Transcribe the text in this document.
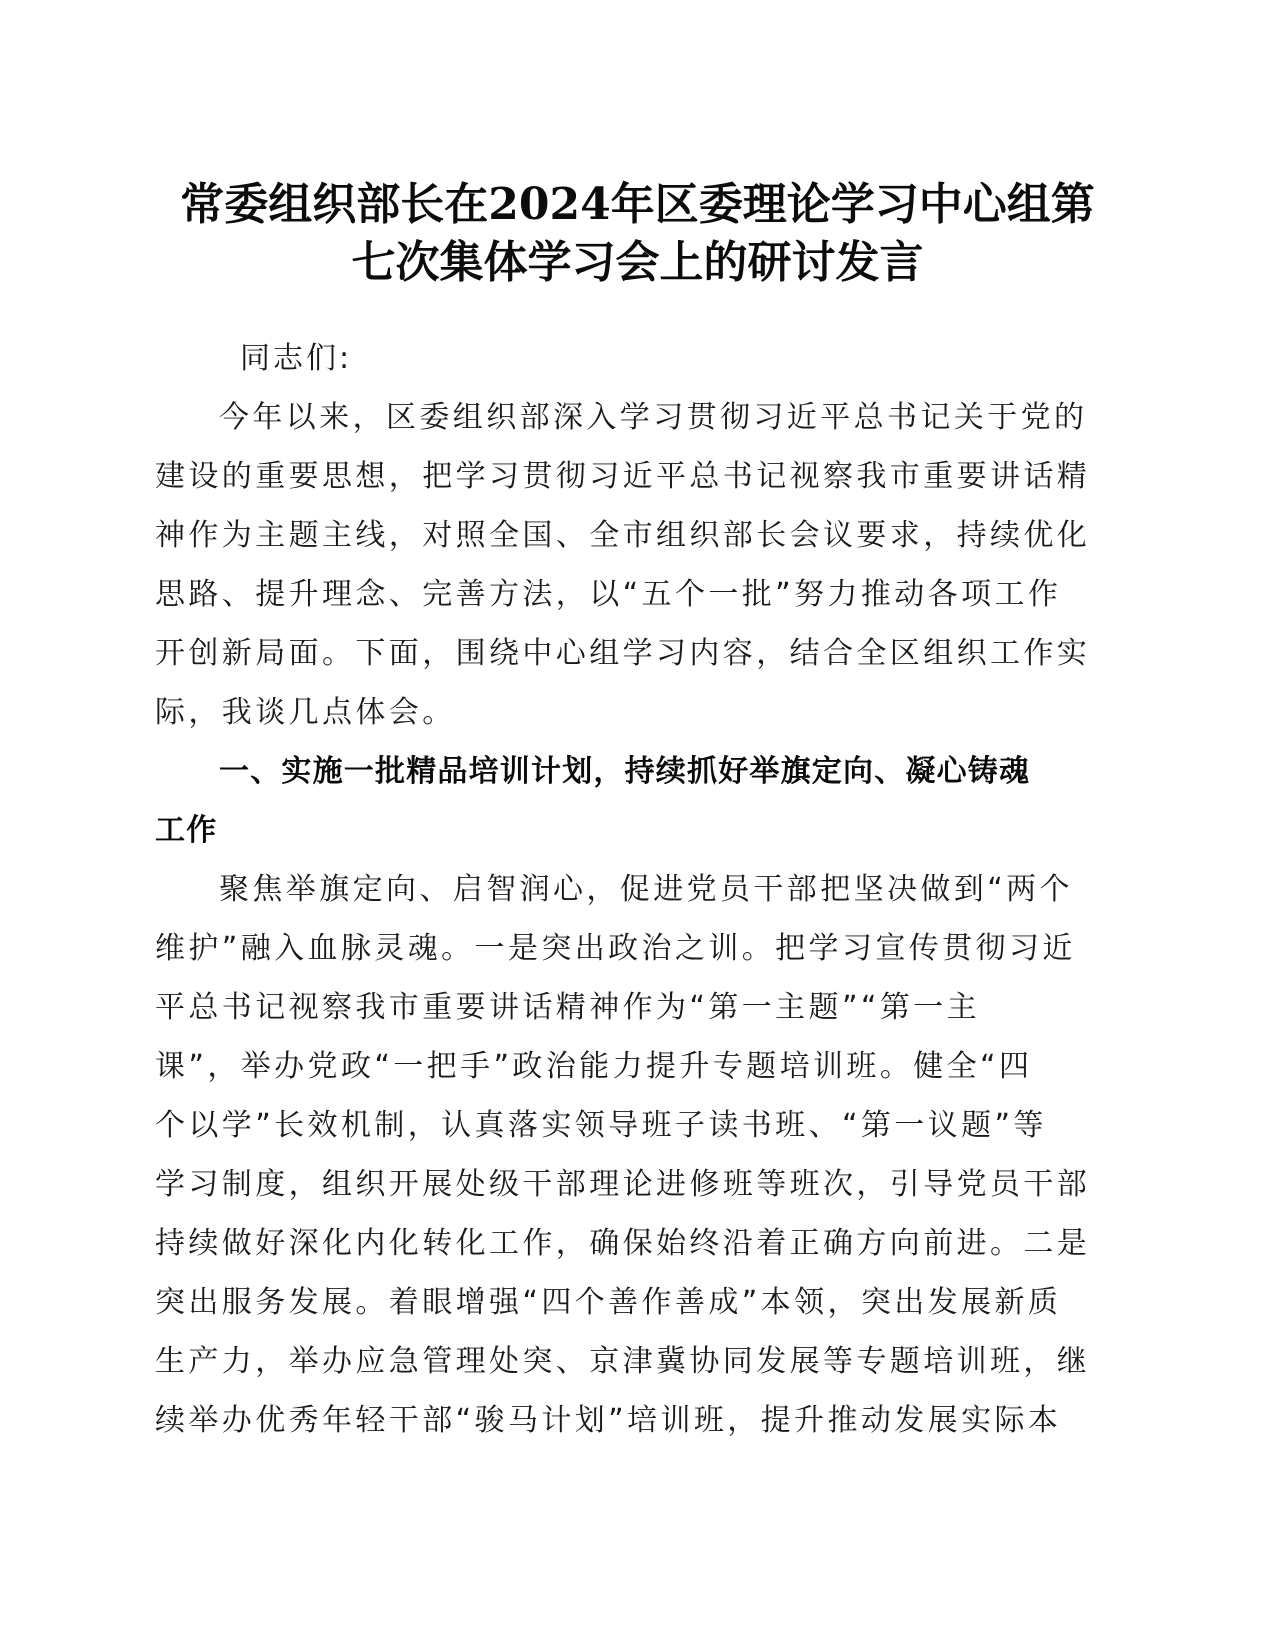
常委组织部长在2024年区委理论学习中心组第
七次集体学习会上的研讨发言
同志们:
今年以来，区委组织部深入学习贯彻习近平总书记关于党的
建设的重要思想，把学习贯彻习近平总书记视察我市重要讲话精
神作为主题主线，对照全国、全市组织部长会议要求，持续优化
思路、提升理念、完善方法，以“五个一批”努力推动各项工作
开创新局面。下面，围绕中心组学习内容，结合全区组织工作实
际，我谈几点体会。
一、实施一批精品培训计划，持续抓好举旗定向、凝心铸魂
工作
聚焦举旗定向、启智润心，促进党员干部把坚决做到“两个
维护”融入血脉灵魂。一是突出政治之训。把学习宣传贯彻习近
平总书记视察我市重要讲话精神作为“第一主题”“第一主
课”，举办党政“一把手”政治能力提升专题培训班。健全“四
个以学”长效机制，认真落实领导班子读书班、“第一议题”等
学习制度，组织开展处级干部理论进修班等班次，引导党员干部
持续做好深化内化转化工作，确保始终沿着正确方向前进。二是
突出服务发展。着眼增强“四个善作善成”本领，突出发展新质
生产力，举办应急管理处突、京津冀协同发展等专题培训班，继
续举办优秀年轻干部“骏马计划”培训班，提升推动发展实际本
